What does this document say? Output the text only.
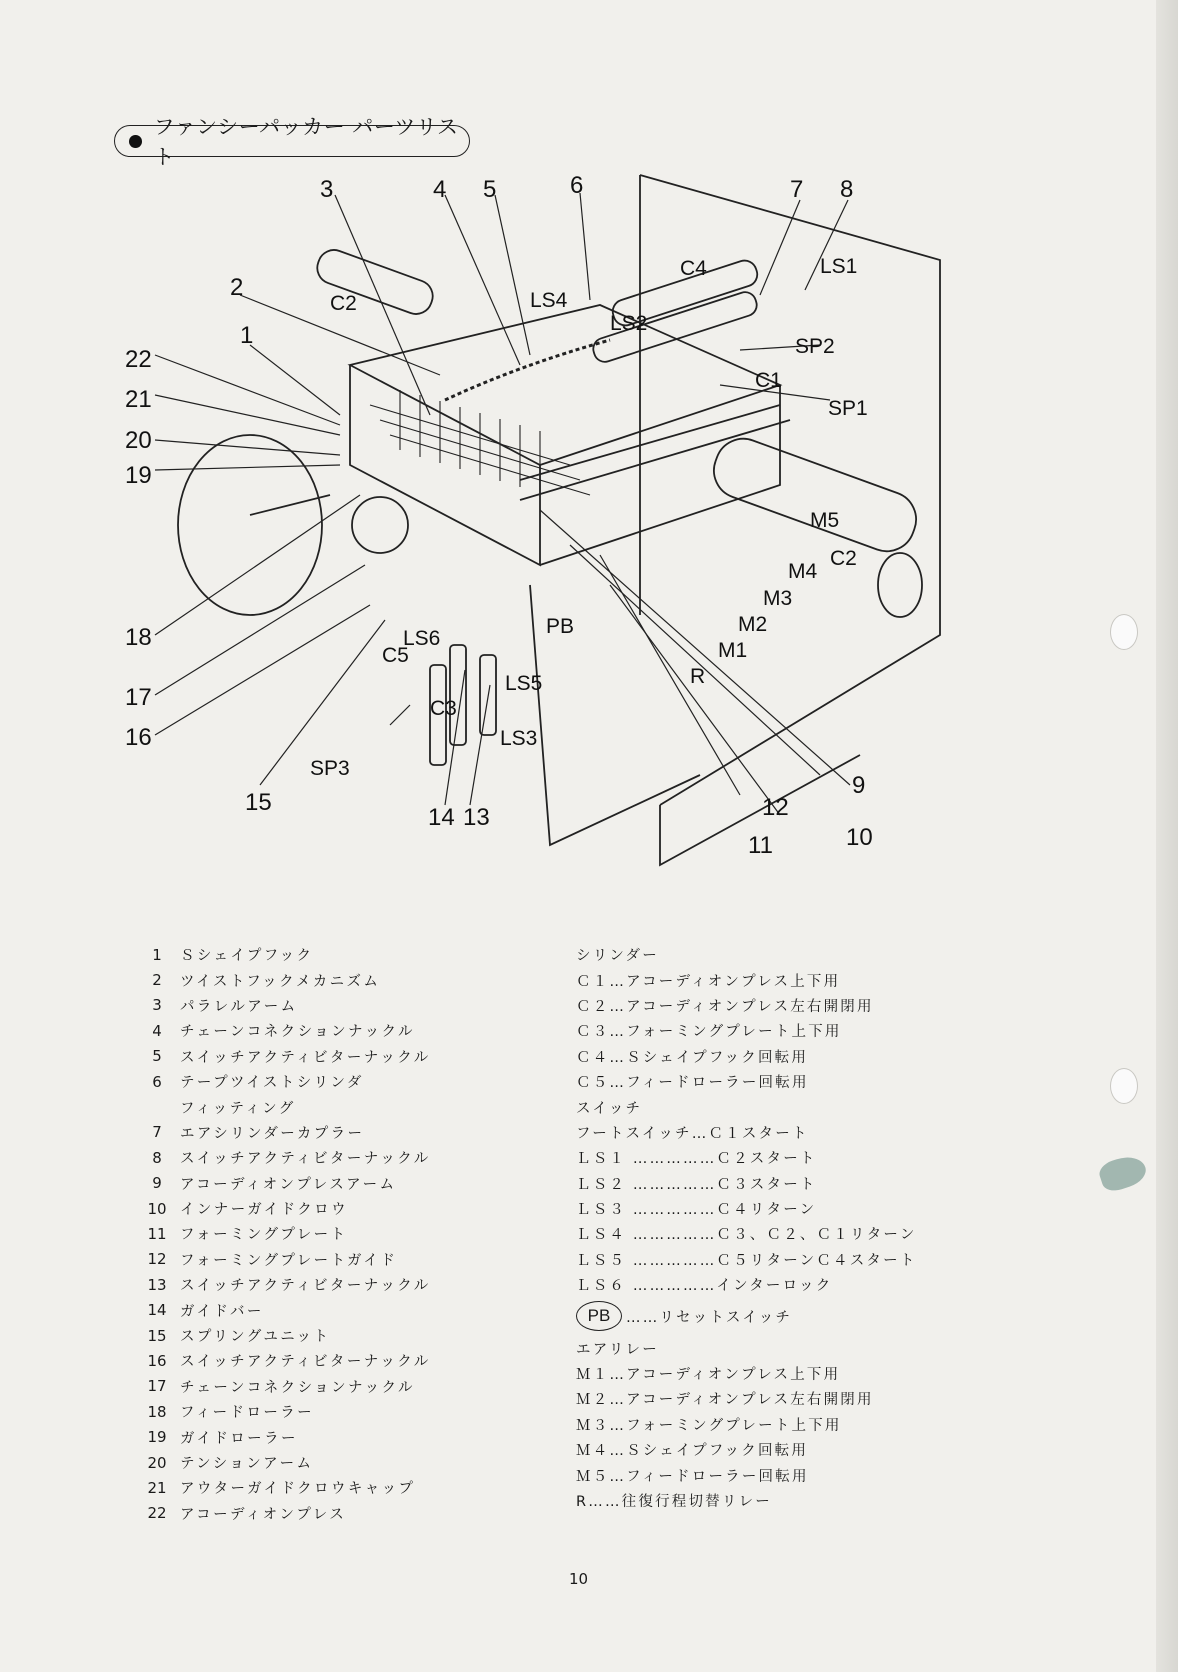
ファンシーパッカー パーツリスト
3	4 5	6	7 8
2
1
22
21
20
19
18
17
16
15
14 13
10
11
12
9
C1
C2
C2
C3
C4
C5
LS1
LS2
LS3
LS4
LS5
LS6
SP1
SP2
SP3
PB
M1
M2
M3
M4
M5
R
1	Ｓシェイプフック
2	ツイストフックメカニズム
3	パラレルアーム
4	チェーンコネクションナックル
5	スイッチアクティビターナックル
6	テープツイストシリンダ
フィッティング
7	エアシリンダーカプラー
8	スイッチアクティビターナックル
9	アコーディオンプレスアーム
10 インナーガイドクロウ
11 フォーミングプレート
12 フォーミングプレートガイド
13 スイッチアクティビターナックル
14 ガイドバー
15 スプリングユニット
16 スイッチアクティビターナックル
17 チェーンコネクションナックル
18 フィードローラー
19 ガイドローラー
20 テンションアーム
21 アウターガイドクロウキャップ
22 アコーディオンプレス
シリンダー
Ｃ１…アコーディオンプレス上下用
Ｃ２…アコーディオンプレス左右開閉用
Ｃ３…フォーミングプレート上下用
Ｃ４…Ｓシェイプフック回転用
Ｃ５…フィードローラー回転用
スイッチ
フートスイッチ…Ｃ１スタート
ＬＳ１ ……………Ｃ２スタート
ＬＳ２ ……………Ｃ３スタート
ＬＳ３ ……………Ｃ４リターン
ＬＳ４ ……………Ｃ３、Ｃ２、Ｃ１リターン
ＬＳ５ ……………Ｃ５リターンＣ４スタート
ＬＳ６ ……………インターロック
PB	……リセットスイッチ
エアリレー
Ｍ１…アコーディオンプレス上下用
Ｍ２…アコーディオンプレス左右開閉用
Ｍ３…フォーミングプレート上下用
Ｍ４…Ｓシェイプフック回転用
Ｍ５…フィードローラー回転用
R……往復行程切替リレー
10
